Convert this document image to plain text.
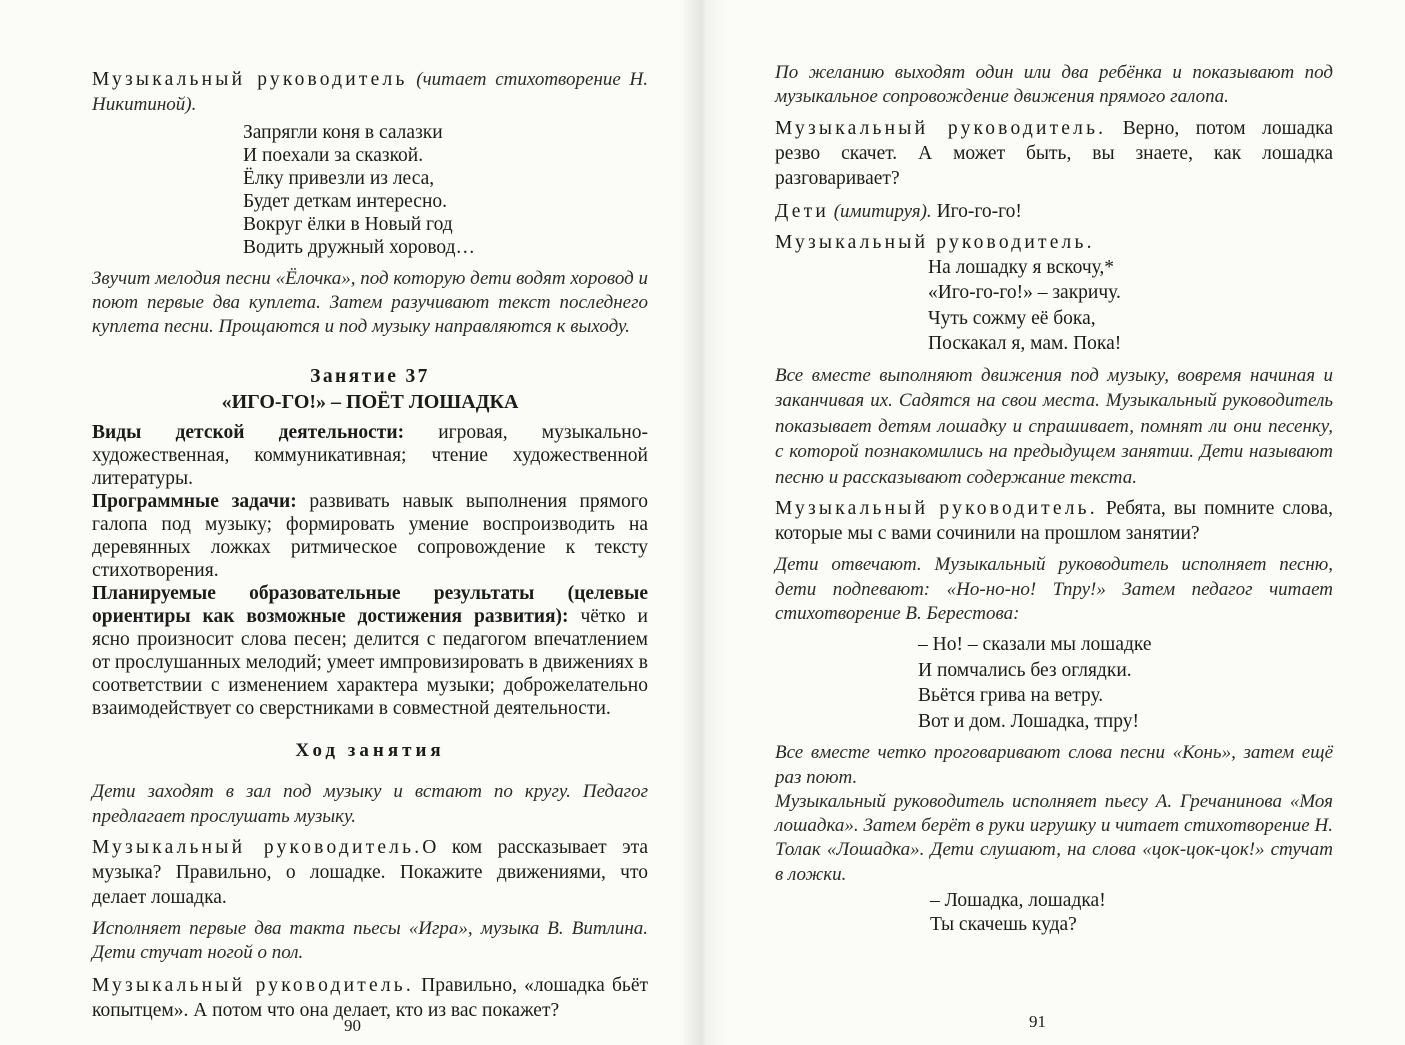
Музыкальный руководитель (читает стихотворение Н. Никитиной).

Запрягли коня в салазки
И поехали за сказкой.
Ёлку привезли из леса,
Будет деткам интересно.
Вокруг ёлки в Новый год
Водить дружный хоровод…

Звучит мелодия песни «Ёлочка», под которую дети водят хоровод и поют первые два куплета. Затем разучивают текст последнего куплета песни. Прощаются и под музыку направляются к выходу.

Занятие 37
«ИГО-ГО!» – ПОЁТ ЛОШАДКА

Виды детской деятельности: игровая, музыкально-художественная, коммуникативная; чтение художественной литературы.

Программные задачи: развивать навык выполнения прямого галопа под музыку; формировать умение воспроизводить на деревянных ложках ритмическое сопровождение к тексту стихотворения.

Планируемые образовательные результаты (целевые ориентиры как возможные достижения развития): чётко и ясно произносит слова песен; делится с педагогом впечатлением от прослушанных мелодий; умеет импровизировать в движениях в соответствии с изменением характера музыки; доброжелательно взаимодействует со сверстниками в совместной деятельности.

Ход занятия

Дети заходят в зал под музыку и встают по кругу. Педагог предлагает прослушать музыку.

Музыкальный руководитель.О ком рассказывает эта музыка? Правильно, о лошадке. Покажите движениями, что делает лошадка.

Исполняет первые два такта пьесы «Игра», музыка В. Витлина. Дети стучат ногой о пол.

Музыкальный руководитель. Правильно, «лошадка бьёт копытцем». А потом что она делает, кто из вас покажет?

90

По желанию выходят один или два ребёнка и показывают под музыкальное сопровождение движения прямого галопа.

Музыкальный руководитель. Верно, потом лошадка резво скачет. А может быть, вы знаете, как лошадка разговаривает?

Дети (имитируя). Иго-го-го!

Музыкальный руководитель.

На лошадку я вскочу,*
«Иго-го-го!» – закричу.
Чуть сожму её бока,
Поскакал я, мам. Пока!

Все вместе выполняют движения под музыку, вовремя начиная и заканчивая их. Садятся на свои места. Музыкальный руководитель показывает детям лошадку и спрашивает, помнят ли они песенку, с которой познакомились на предыдущем занятии. Дети называют песню и рассказывают содержание текста.

Музыкальный руководитель. Ребята, вы помните слова, которые мы с вами сочинили на прошлом занятии?

Дети отвечают. Музыкальный руководитель исполняет песню, дети подпевают: «Но-но-но! Тпру!» Затем педагог читает стихотворение В. Берестова:

– Но! – сказали мы лошадке
И помчались без оглядки.
Вьётся грива на ветру.
Вот и дом. Лошадка, тпру!

Все вместе четко проговаривают слова песни «Конь», затем ещё раз поют.

Музыкальный руководитель исполняет пьесу А. Гречанинова «Моя лошадка». Затем берёт в руки игрушку и читает стихотворение Н. Толак «Лошадка». Дети слушают, на слова «цок-цок-цок!» стучат в ложки.

– Лошадка, лошадка!
Ты скачешь куда?
91
